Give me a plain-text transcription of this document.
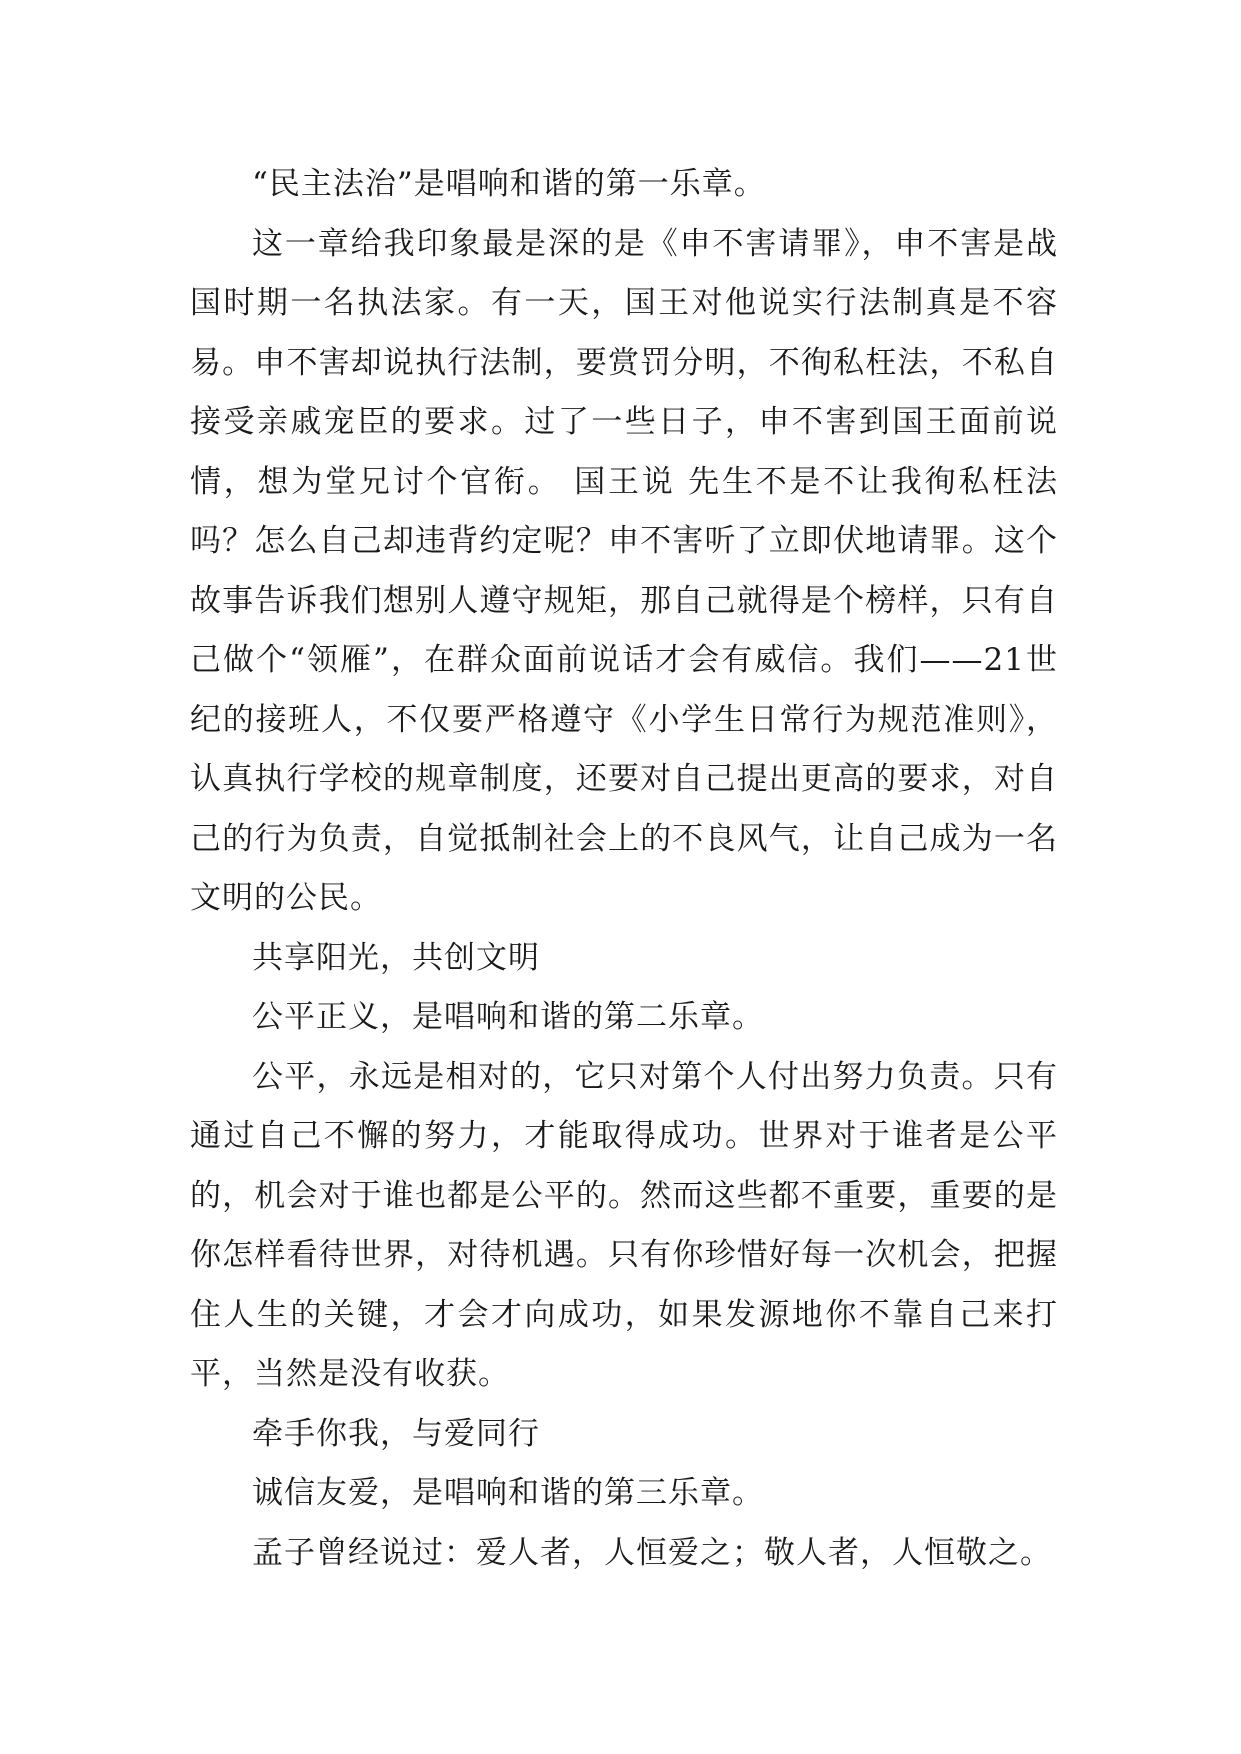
“民主法治”是唱响和谐的第一乐章。

这一章给我印象最是深的是《申不害请罪》，申不害是战国时期一名执法家。有一天，国王对他说实行法制真是不容易。申不害却说执行法制，要赏罚分明，不徇私枉法，不私自接受亲戚宠臣的要求。过了一些日子，申不害到国王面前说情，想为堂兄讨个官衔。 国王说 先生不是不让我徇私枉法吗？怎么自己却违背约定呢？申不害听了立即伏地请罪。这个故事告诉我们想别人遵守规矩，那自己就得是个榜样，只有自己做个“领雁”，在群众面前说话才会有威信。我们——21世纪的接班人，不仅要严格遵守《小学生日常行为规范准则》，认真执行学校的规章制度，还要对自己提出更高的要求，对自己的行为负责，自觉抵制社会上的不良风气，让自己成为一名文明的公民。

共享阳光，共创文明

公平正义，是唱响和谐的第二乐章。

公平，永远是相对的，它只对第个人付出努力负责。只有通过自己不懈的努力，才能取得成功。世界对于谁者是公平的，机会对于谁也都是公平的。然而这些都不重要，重要的是你怎样看待世界，对待机遇。只有你珍惜好每一次机会，把握住人生的关键，才会才向成功，如果发源地你不靠自己来打平，当然是没有收获。

牵手你我，与爱同行

诚信友爱，是唱响和谐的第三乐章。

孟子曾经说过：爱人者，人恒爱之；敬人者，人恒敬之。
